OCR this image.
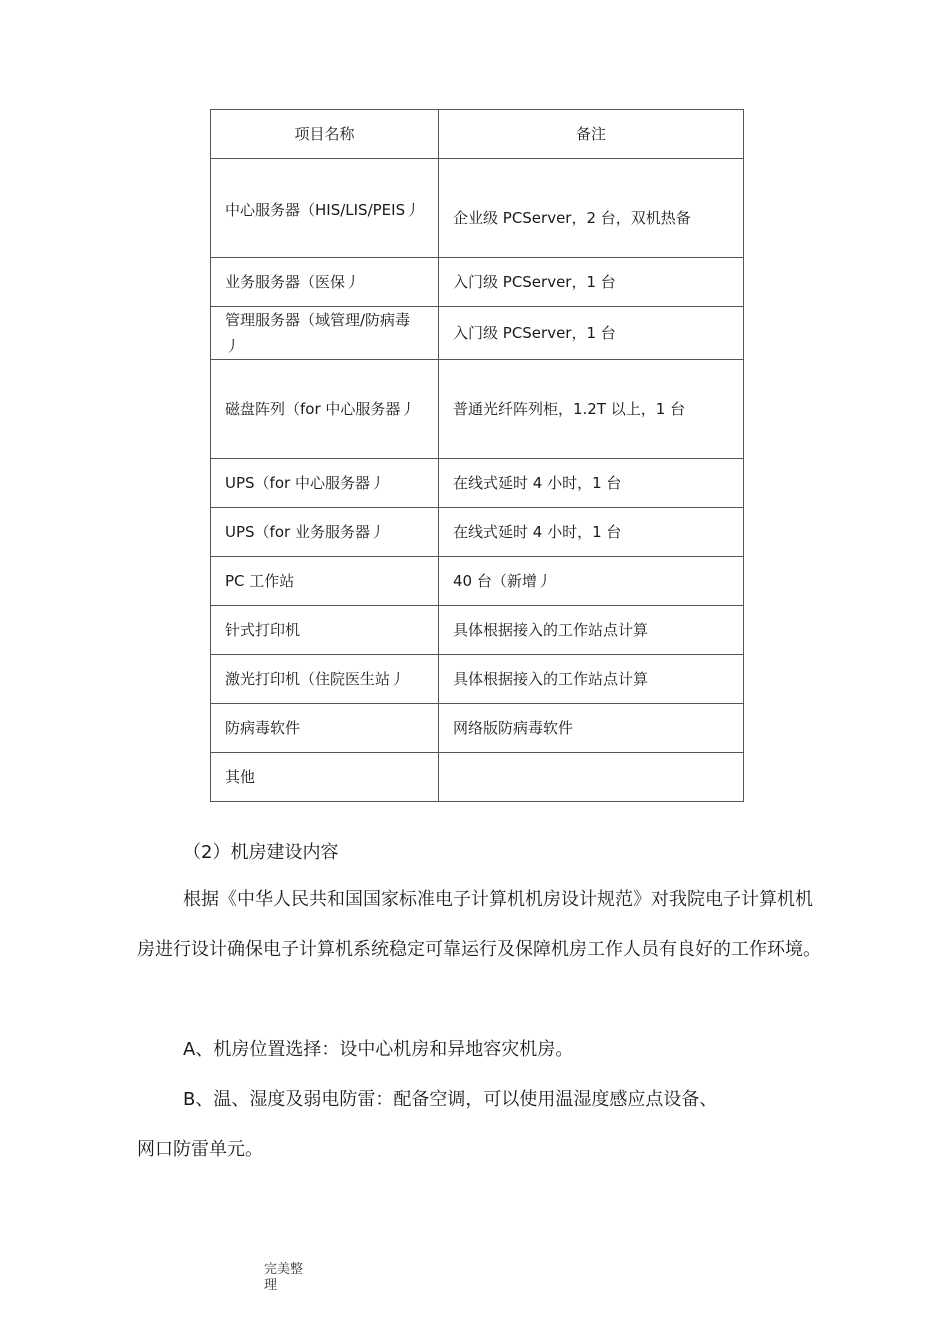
项目名称	备注
中心服务器（HIS/LIS/PEIS丿	企业级 PCServer，2 台，双机热备
业务服务器（医保丿	入门级 PCServer，1 台
管理服务器（域管理/防病毒丿	入门级 PCServer，1 台
磁盘阵列（for 中心服务器丿	普通光纤阵列柜，1.2T 以上，1 台
UPS（for 中心服务器丿	在线式延时 4 小时，1 台
UPS（for 业务服务器丿	在线式延时 4 小时，1 台
PC 工作站	40 台（新增丿
针式打印机	具体根据接入的工作站点计算
激光打印机（住院医生站丿	具体根据接入的工作站点计算
防病毒软件	网络版防病毒软件
其他	

（2）机房建设内容

根据《中华人民共和国国家标准电子计算机机房设计规范》对我院电子计算机机房进行设计确保电子计算机系统稳定可靠运行及保障机房工作人员有良好的工作环境。

A、机房位置选择：设中心机房和异地容灾机房。

B、温、湿度及弱电防雷：配备空调，可以使用温湿度感应点设备、网口防雷单元。

完美整理
